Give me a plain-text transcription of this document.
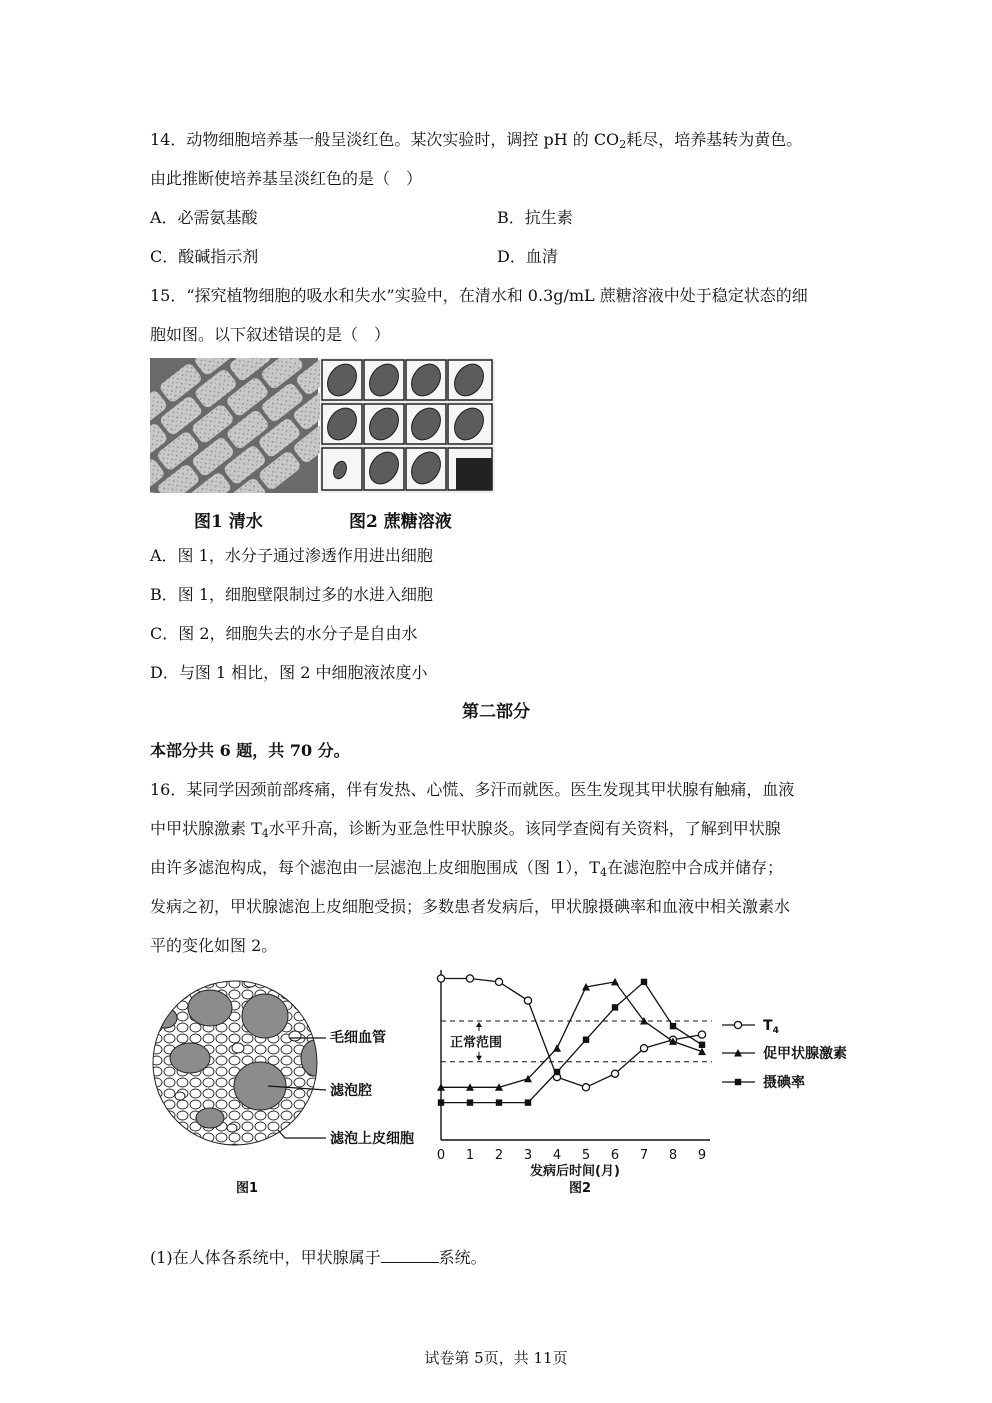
14．动物细胞培养基一般呈淡红色。某次实验时，调控 pH 的 $CO_2$耗尽，培养基转为黄色。
由此推断使培养基呈淡红色的是（　）
A．必需氨基酸	B．抗生素
C．酸碱指示剂	D．血清
15．“探究植物细胞的吸水和失水”实验中，在清水和 0.3g/mL 蔗糖溶液中处于稳定状态的细
胞如图。以下叙述错误的是（　）
图1 清水	图2 蔗糖溶液
A．图 1，水分子通过渗透作用进出细胞
B．图 1，细胞壁限制过多的水进入细胞
C．图 2，细胞失去的水分子是自由水
D．与图 1 相比，图 2 中细胞液浓度小
第二部分
本部分共 6 题，共 70 分。
16．某同学因颈前部疼痛，伴有发热、心慌、多汗而就医。医生发现其甲状腺有触痛，血液
中甲状腺激素 $T_4$水平升高，诊断为亚急性甲状腺炎。该同学查阅有关资料，了解到甲状腺
由许多滤泡构成，每个滤泡由一层滤泡上皮细胞围成（图 1），$T_4$在滤泡腔中合成并储存；
发病之初，甲状腺滤泡上皮细胞受损；多数患者发病后，甲状腺摄碘率和血液中相关激素水
平的变化如图 2。
毛细血管
滤泡腔
滤泡上皮细胞
图1
正常范围
0 1 2 3 4 5 6 7 8 9
$T_4$
促甲状腺激素
摄碘率
发病后时间(月)
图2
(1)在人体各系统中，甲状腺属于	系统。
试卷第 5页，共 11页
